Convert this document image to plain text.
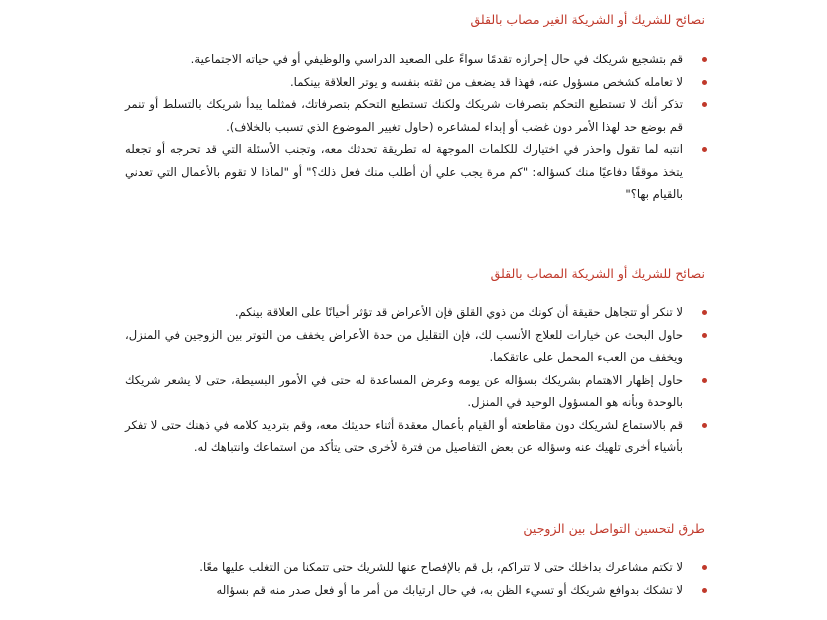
نصائح للشريك أو الشريكة الغير مصاب بالقلق
قم بتشجيع شريكك في حال إحرازه تقدمًا سواءً على الصعيد الدراسي والوظيفي أو في حياته الاجتماعية.
لا تعامله كشخص مسؤول عنه، فهذا قد يضعف من ثقته بنفسه و يوتر العلاقة بينكما.
تذكر أنك لا تستطيع التحكم بتصرفات شريكك ولكنك تستطيع التحكم بتصرفاتك، فمثلما يبدأ شريكك بالتسلط أو تنمر قم بوضع حد لهذا الأمر دون غضب أو إبداء لمشاعره (حاول تغيير الموضوع الذي تسبب بالخلاف).
انتبه لما تقول واحذر في اختيارك للكلمات الموجهة له تطريقة تحدثك معه، وتجنب الأسئلة التي قد تحرجه أو تجعله يتخذ موقفًا دفاعيًا منك كسؤاله: "كم مرة يجب علي أن أطلب منك فعل ذلك؟" أو "لماذا لا تقوم بالأعمال التي تعدني بالقيام بها؟"
نصائح للشريك أو الشريكة المصاب بالقلق
لا تنكر أو تتجاهل حقيقة أن كونك من ذوي القلق فإن الأعراض قد تؤثر أحيانًا على العلاقة بينكم.
حاول البحث عن خيارات للعلاج الأنسب لك، فإن التقليل من حدة الأعراض يخفف من التوتر بين الزوجين في المنزل، ويخفف من العبء المحمل على عاتقكما.
حاول إظهار الاهتمام بشريكك بسؤاله عن يومه وعرض المساعدة له حتى في الأمور البسيطة، حتى لا يشعر شريكك بالوحدة وبأنه هو المسؤول الوحيد في المنزل.
قم بالاستماع لشريكك دون مقاطعته أو القيام بأعمال معقدة أثناء حديثك معه، وقم بترديد كلامه في ذهنك حتى لا تفكر بأشياء أخرى تلهيك عنه وسؤاله عن بعض التفاصيل من فترة لأخرى حتى يتأكد من استماعك وانتباهك له.
طرق لتحسين التواصل بين الزوجين
لا تكتم مشاعرك بداخلك حتى لا تتراكم، بل قم بالإفصاح عنها للشريك حتى تتمكنا من التغلب عليها معًا.
لا تشكك بدوافع شريكك أو تسيء الظن به، في حال ارتيابك من أمر ما أو فعل صدر منه قم بسؤاله
